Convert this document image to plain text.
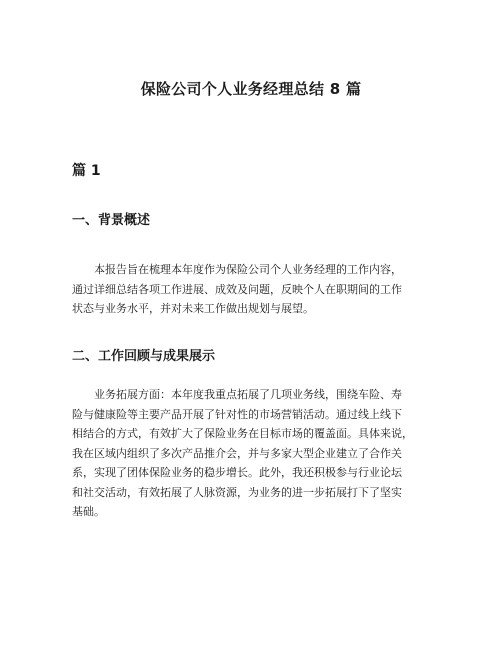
保险公司个人业务经理总结 8 篇
篇 1
一、背景概述
本报告旨在梳理本年度作为保险公司个人业务经理的工作内容，
通过详细总结各项工作进展、成效及问题，反映个人在职期间的工作
状态与业务水平，并对未来工作做出规划与展望。
二、工作回顾与成果展示
业务拓展方面：本年度我重点拓展了几项业务线，围绕车险、寿
险与健康险等主要产品开展了针对性的市场营销活动。通过线上线下
相结合的方式，有效扩大了保险业务在目标市场的覆盖面。具体来说，
我在区域内组织了多次产品推介会，并与多家大型企业建立了合作关
系，实现了团体保险业务的稳步增长。此外，我还积极参与行业论坛
和社交活动，有效拓展了人脉资源，为业务的进一步拓展打下了坚实
基础。
